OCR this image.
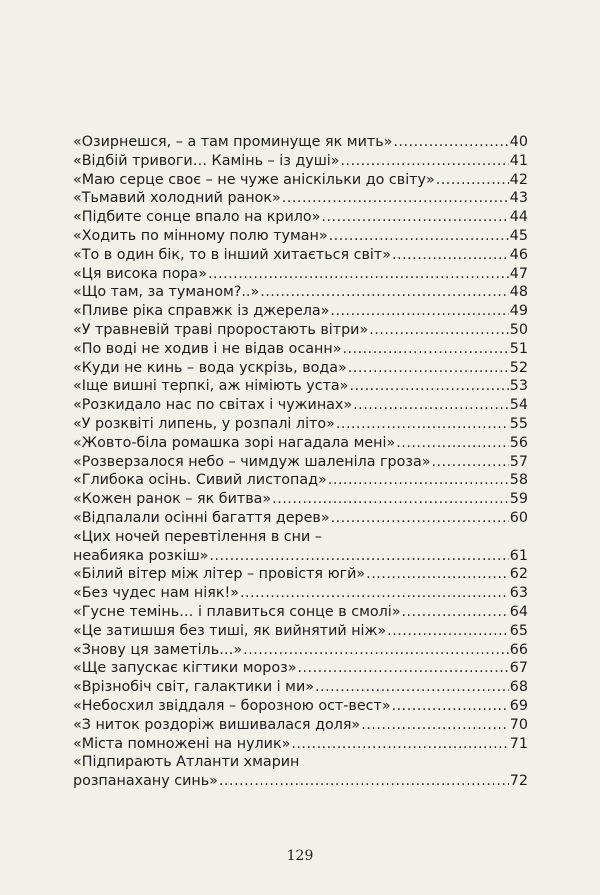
«Озирнешся, – а там проминуще як мить» .....	40
«Відбій тривоги… Камінь – із душі» .....	41
«Маю серце своє – не чуже аніскільки до світу» .....	42
«Тьмавий холодний ранок» .....	43
«Підбите сонце впало на крило» .....	44
«Ходить по мінному полю туман» .....	45
«То в один бік, то в інший хитається світ» .....	46
«Ця висока пора» .....	47
«Що там, за туманом?..» .....	48
«Пливе ріка справжк із джерела» .....	49
«У травневій траві проростають вітри» .....	50
«По воді не ходив і не відав осанн» .....	51
«Куди не кинь – вода ускрізь, вода» .....	52
«Іще вишні терпкі, аж німіють уста» .....	53
«Розкидало нас по світах і чужинах» .....	54
«У розквіті липень, у розпалі літо» .....	55
«Жовто-біла ромашка зорі нагадала мені» .....	56
«Розверзалося небо – чимдуж шаленіла гроза» .....	57
«Глибока осінь. Сивий листопад» .....	58
«Кожен ранок – як битва» .....	59
«Відпалали осінні багаття дерев» .....	60
«Цих ночей перевтілення в сни –
неабияка розкіш» .....	61
«Білий вітер між літер – провістя югй» .....	62
«Без чудес нам ніяк!» .....	63
«Гусне темінь… і плавиться сонце в смолі» .....	64
«Це затишшя без тиші, як вийнятий ніж» .....	65
«Знову ця заметіль…» .....	66
«Ще запускає кігтики мороз» .....	67
«Врізнобіч світ, галактики і ми» .....	68
«Небосхил звіддаля – борозною ост-вест» .....	69
«З ниток роздоріж вишивалася доля» .....	70
«Міста помножені на нулик» .....	71
«Підпирають Атланти хмарин
розпанахану синь» .....	72
129
